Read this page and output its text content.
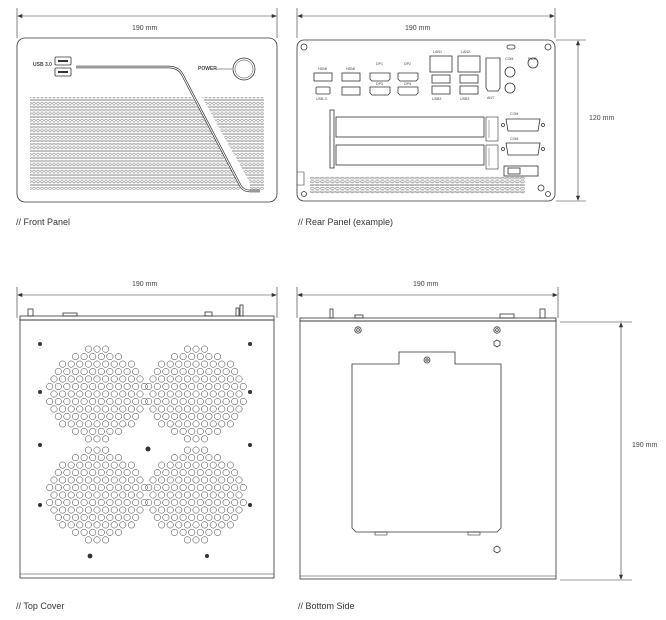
190 mm	190 mm
120 mm
190 mm	190 mm
190 mm
USB 3.0
POWER	HDMI	HDMI
DP1	DP2
DP3	DP4
USB-C
LAN1	LAN2
COM	PWR
USB3	USB3	ANT
COM
COM
// Front Panel	// Rear Panel (example)
// Top Cover	// Bottom Side
